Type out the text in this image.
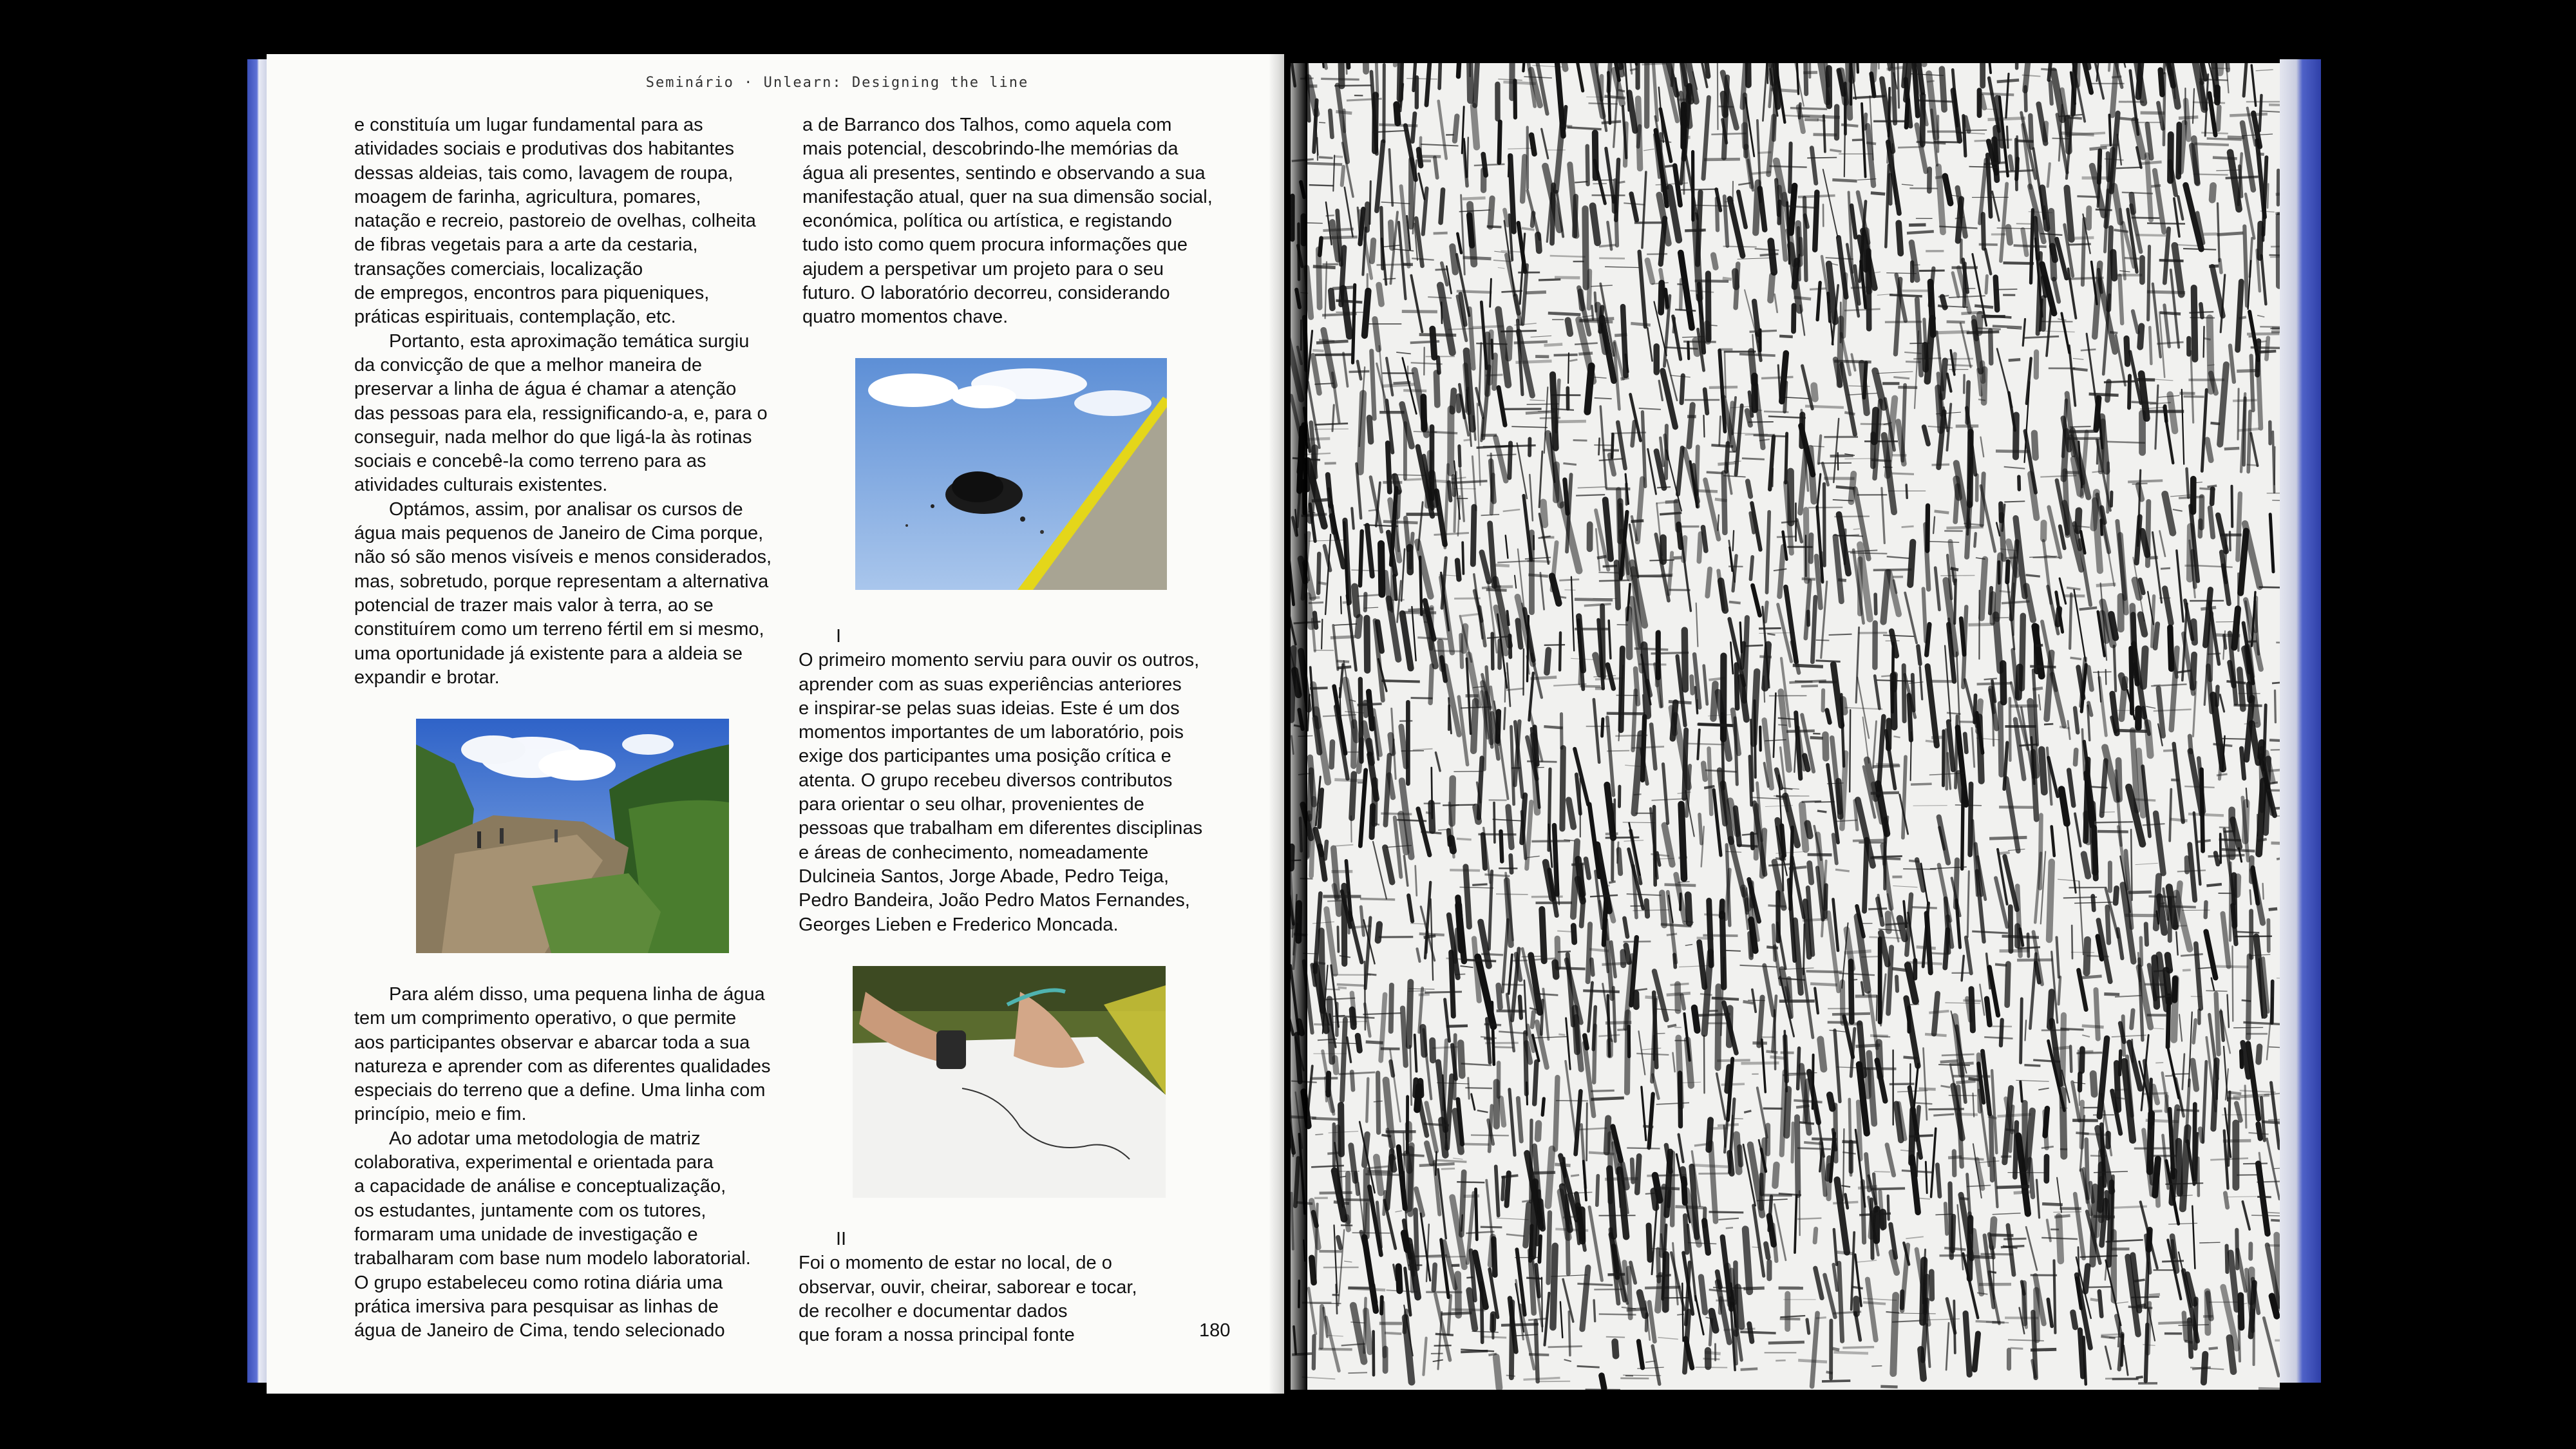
Seminário · Unlearn: Designing the line

e constituía um lugar fundamental para as

atividades sociais e produtivas dos habitantes

dessas aldeias, tais como, lavagem de roupa,

moagem de farinha, agricultura, pomares,

natação e recreio, pastoreio de ovelhas, colheita

de fibras vegetais para a arte da cestaria,

transações comerciais, localização

de empregos, encontros para piqueniques,

práticas espirituais, contemplação, etc.

Portanto, esta aproximação temática surgiu

da convicção de que a melhor maneira de

preservar a linha de água é chamar a atenção

das pessoas para ela, ressignificando-a, e, para o

conseguir, nada melhor do que ligá-la às rotinas

sociais e concebê-la como terreno para as

atividades culturais existentes.

Optámos, assim, por analisar os cursos de

água mais pequenos de Janeiro de Cima porque,

não só são menos visíveis e menos considerados,

mas, sobretudo, porque representam a alternativa

potencial de trazer mais valor à terra, ao se

constituírem como um terreno fértil em si mesmo,

uma oportunidade já existente para a aldeia se

expandir e brotar.

Para além disso, uma pequena linha de água

tem um comprimento operativo, o que permite

aos participantes observar e abarcar toda a sua

natureza e aprender com as diferentes qualidades

especiais do terreno que a define. Uma linha com

princípio, meio e fim.

Ao adotar uma metodologia de matriz

colaborativa, experimental e orientada para

a capacidade de análise e conceptualização,

os estudantes, juntamente com os tutores,

formaram uma unidade de investigação e

trabalharam com base num modelo laboratorial.

O grupo estabeleceu como rotina diária uma

prática imersiva para pesquisar as linhas de

água de Janeiro de Cima, tendo selecionado

a de Barranco dos Talhos, como aquela com

mais potencial, descobrindo-lhe memórias da

água ali presentes, sentindo e observando a sua

manifestação atual, quer na sua dimensão social,

económica, política ou artística, e registando

tudo isto como quem procura informações que

ajudem a perspetivar um projeto para o seu

futuro. O laboratório decorreu, considerando

quatro momentos chave.

I

O primeiro momento serviu para ouvir os outros,

aprender com as suas experiências anteriores

e inspirar-se pelas suas ideias. Este é um dos

momentos importantes de um laboratório, pois

exige dos participantes uma posição crítica e

atenta. O grupo recebeu diversos contributos

para orientar o seu olhar, provenientes de

pessoas que trabalham em diferentes disciplinas

e áreas de conhecimento, nomeadamente

Dulcineia Santos, Jorge Abade, Pedro Teiga,

Pedro Bandeira, João Pedro Matos Fernandes,

Georges Lieben e Frederico Moncada.

II

Foi o momento de estar no local, de o

observar, ouvir, cheirar, saborear e tocar,

de recolher e documentar dados

que foram a nossa principal fonte	180
